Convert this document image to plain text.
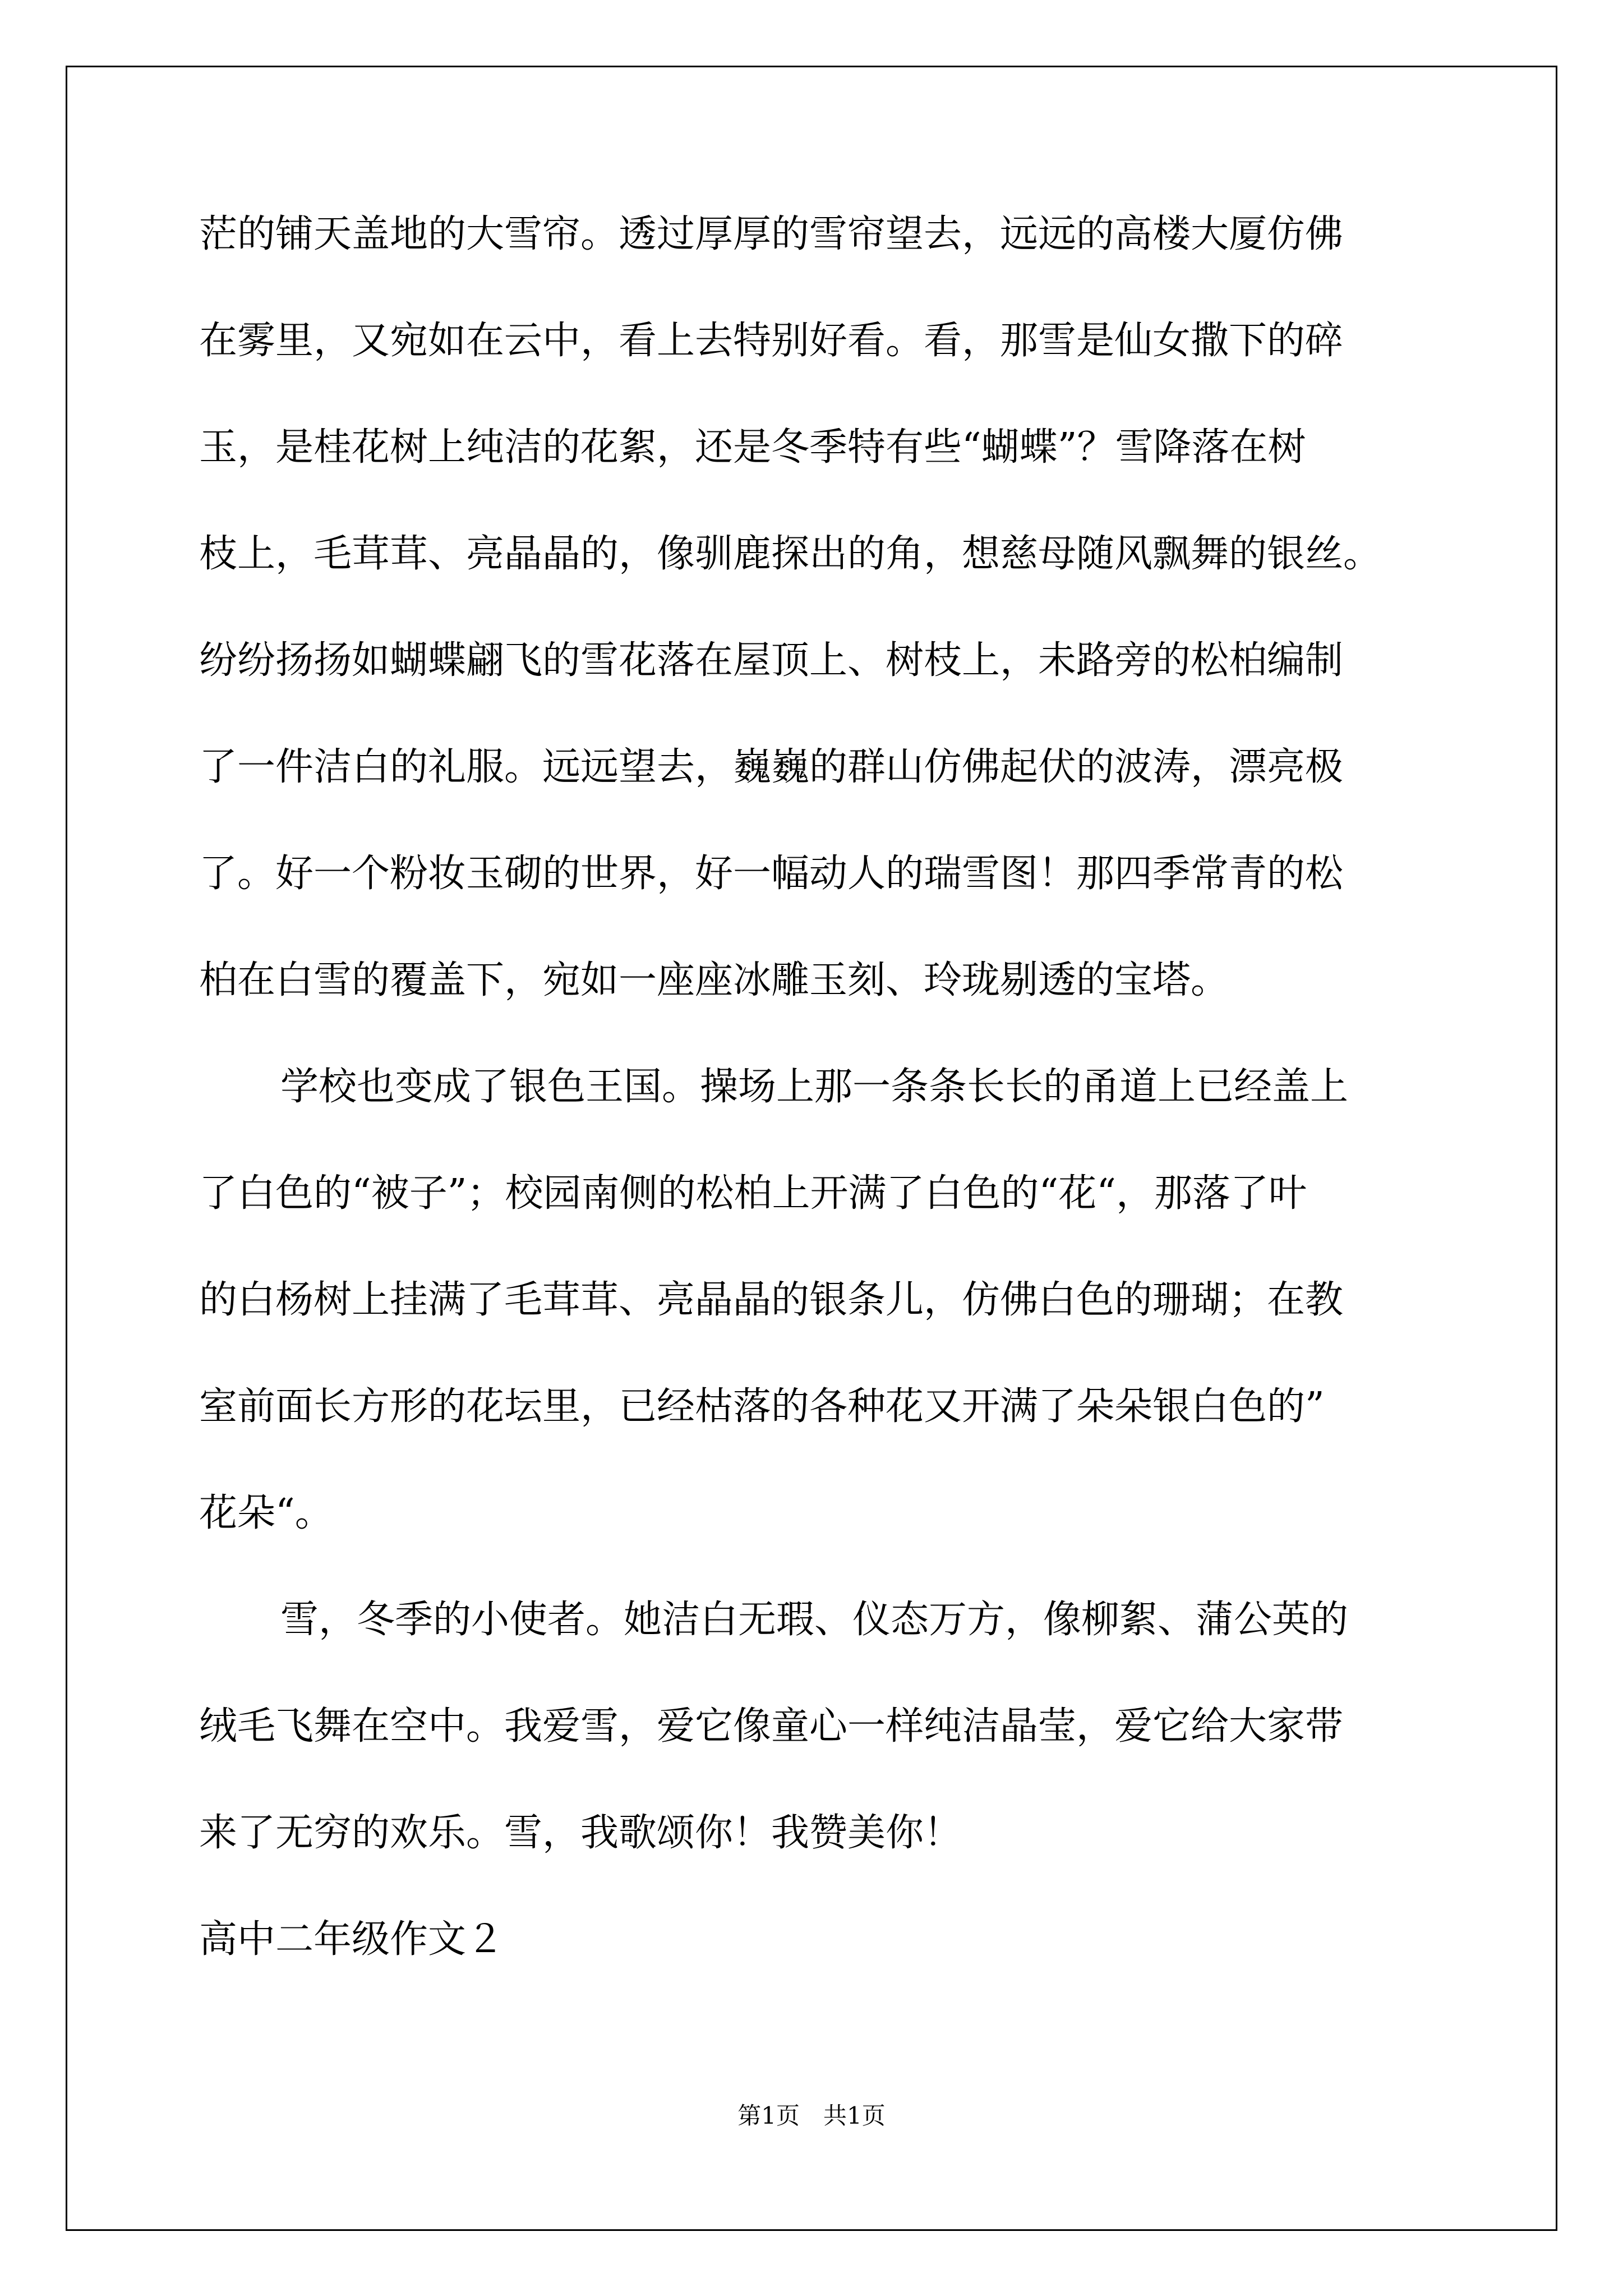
茫的铺天盖地的大雪帘。透过厚厚的雪帘望去，远远的高楼大厦仿佛
在雾里，又宛如在云中，看上去特别好看。看，那雪是仙女撒下的碎
玉，是桂花树上纯洁的花絮，还是冬季特有些“蝴蝶”？雪降落在树
枝上，毛茸茸、亮晶晶的，像驯鹿探出的角，想慈母随风飘舞的银丝。
纷纷扬扬如蝴蝶翩飞的雪花落在屋顶上、树枝上，未路旁的松柏编制
了一件洁白的礼服。远远望去，巍巍的群山仿佛起伏的波涛，漂亮极
了。好一个粉妆玉砌的世界，好一幅动人的瑞雪图！那四季常青的松
柏在白雪的覆盖下，宛如一座座冰雕玉刻、玲珑剔透的宝塔。
学校也变成了银色王国。操场上那一条条长长的甬道上已经盖上
了白色的“被子”；校园南侧的松柏上开满了白色的“花“，那落了叶
的白杨树上挂满了毛茸茸、亮晶晶的银条儿，仿佛白色的珊瑚；在教
室前面长方形的花坛里，已经枯落的各种花又开满了朵朵银白色的”
花朵“。
雪，冬季的小使者。她洁白无瑕、仪态万方，像柳絮、蒲公英的
绒毛飞舞在空中。我爱雪，爱它像童心一样纯洁晶莹，爱它给大家带
来了无穷的欢乐。雪，我歌颂你！我赞美你！
高中二年级作文２
第1页　共1页
